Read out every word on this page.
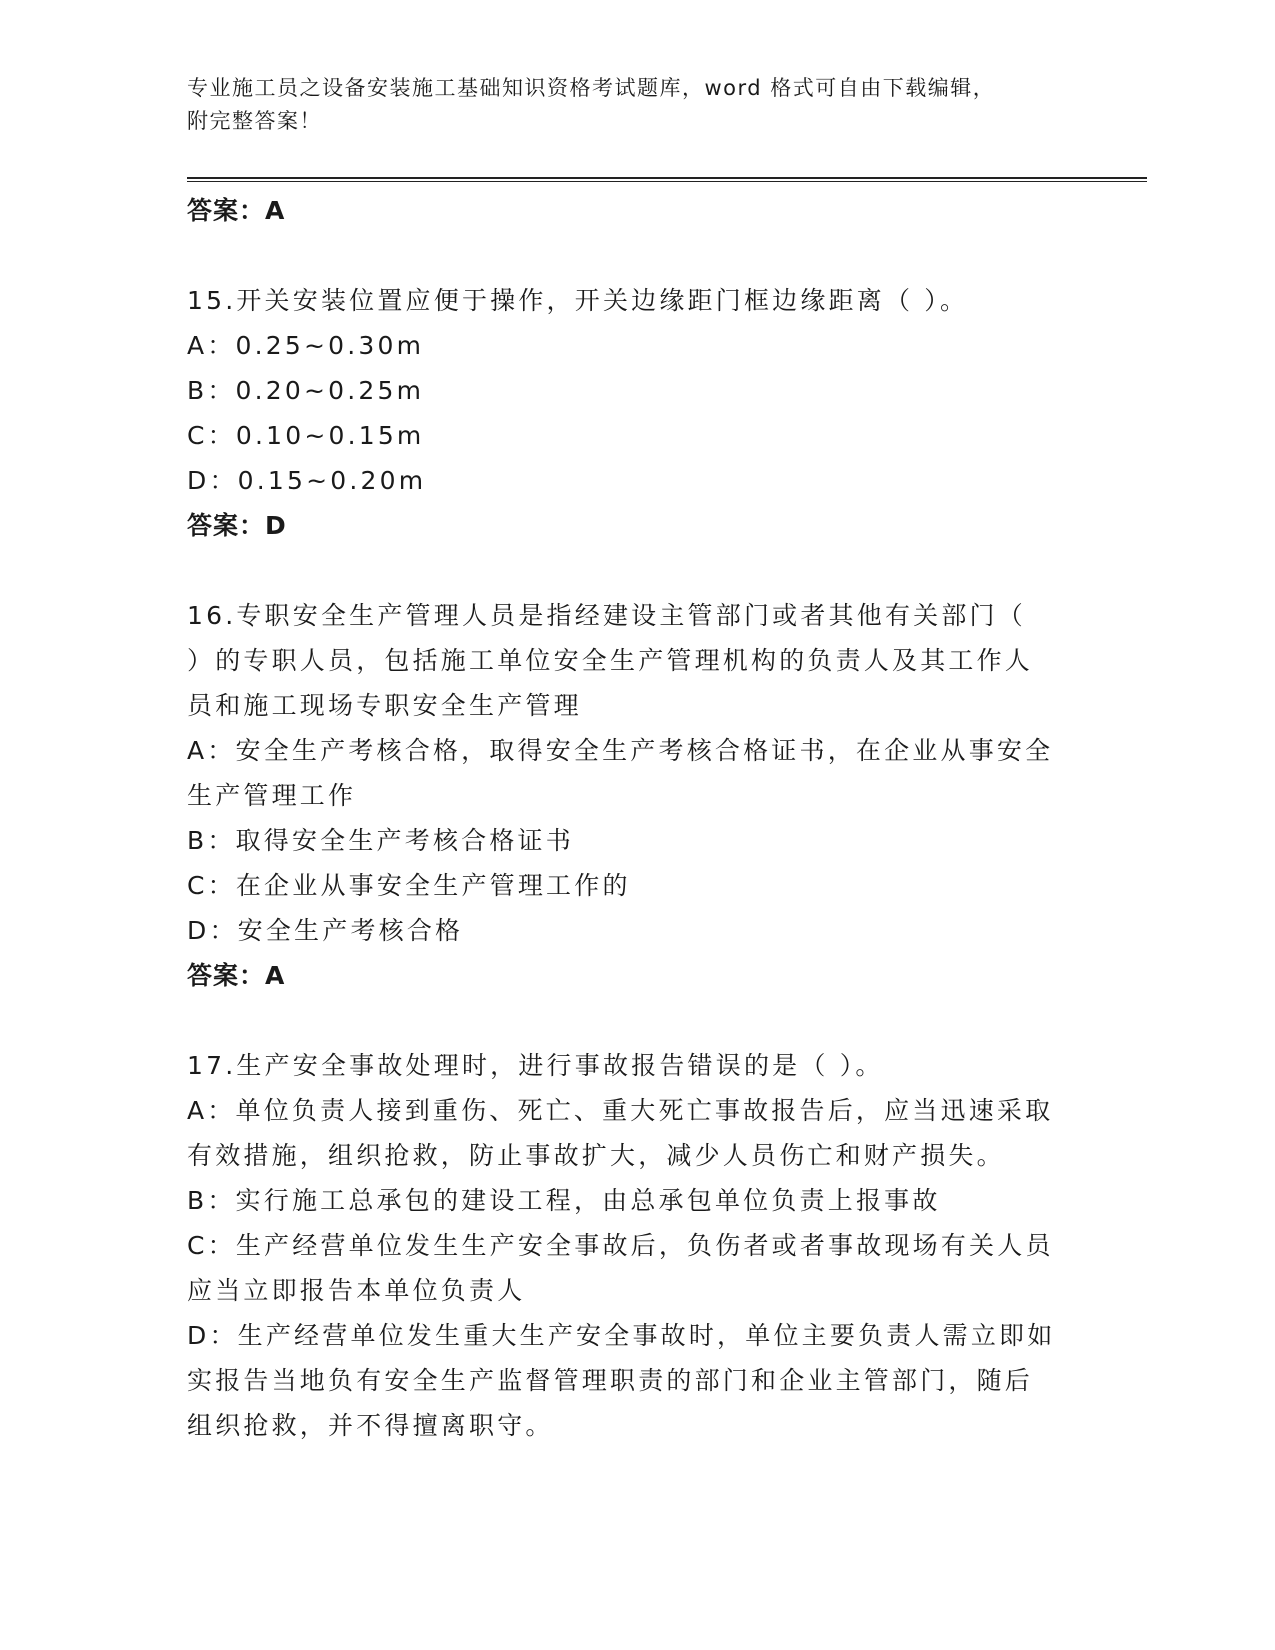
专业施工员之设备安装施工基础知识资格考试题库，word 格式可自由下载编辑，
附完整答案！
答案：A
15.开关安装位置应便于操作，开关边缘距门框边缘距离（ ）。
A：0.25~0.30m
B：0.20~0.25m
C：0.10~0.15m
D：0.15~0.20m
答案：D
16.专职安全生产管理人员是指经建设主管部门或者其他有关部门（
）的专职人员，包括施工单位安全生产管理机构的负责人及其工作人
员和施工现场专职安全生产管理
A：安全生产考核合格，取得安全生产考核合格证书，在企业从事安全
生产管理工作
B：取得安全生产考核合格证书
C：在企业从事安全生产管理工作的
D：安全生产考核合格
答案：A
17.生产安全事故处理时，进行事故报告错误的是（ ）。
A：单位负责人接到重伤、死亡、重大死亡事故报告后，应当迅速采取
有效措施，组织抢救，防止事故扩大，减少人员伤亡和财产损失。
B：实行施工总承包的建设工程，由总承包单位负责上报事故
C：生产经营单位发生生产安全事故后，负伤者或者事故现场有关人员
应当立即报告本单位负责人
D：生产经营单位发生重大生产安全事故时，单位主要负责人需立即如
实报告当地负有安全生产监督管理职责的部门和企业主管部门，随后
组织抢救，并不得擅离职守。
